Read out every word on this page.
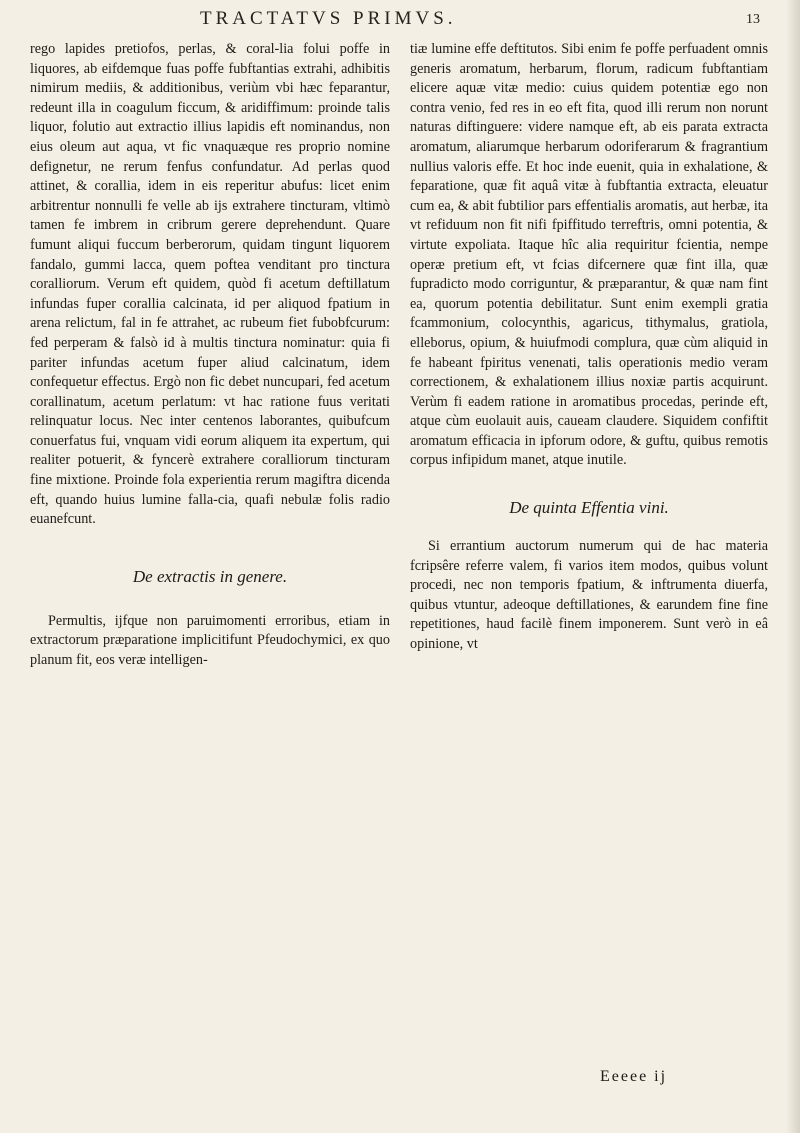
TRACTATVS PRIMVS.	13

rego lapides pretiofos, perlas, & coral-lia folui poffe in liquores, ab eifdemque fuas poffe fubftantias extrahi, adhibitis nimirum mediis, & additionibus, veriùm vbi hæc feparantur, redeunt illa in coagulum ficcum, & aridiffimum: proinde talis liquor, folutio aut extractio illius lapidis eft nominandus, non eius oleum aut aqua, vt fic vnaquæque res proprio nomine defignetur, ne rerum fenfus confundatur. Ad perlas quod attinet, & corallia, idem in eis reperitur abufus: licet enim arbitrentur nonnulli fe velle ab ijs extrahere tincturam, vltimò tamen fe imbrem in cribrum gerere deprehendunt. Quare fumunt aliqui fuccum berberorum, quidam tingunt liquorem fandalo, gummi lacca, quem poftea venditant pro tinctura coralliorum. Verum eft quidem, quòd fi acetum deftillatum infundas fuper corallia calcinata, id per aliquod fpatium in arena relictum, fal in fe attrahet, ac rubeum fiet fubobfcurum: fed perperam & falsò id à multis tinctura nominatur: quia fi pariter infundas acetum fuper aliud calcinatum, idem confequetur effectus. Ergò non fic debet nuncupari, fed acetum corallinatum, acetum perlatum: vt hac ratione fuus veritati relinquatur locus. Nec inter centenos laborantes, quibufcum conuerfatus fui, vnquam vidi eorum aliquem ita expertum, qui realiter potuerit, & fyncerè extrahere coralliorum tincturam fine mixtione. Proinde fola experientia rerum magiftra dicenda eft, quando huius lumine falla-cia, quafi nebulæ folis radio euanefcunt.

De extractis in genere.

Permultis, ijfque non paruimomenti erroribus, etiam in extractorum præparatione implicitifunt Pfeudochymici, ex quo planum fit, eos veræ intelligen-

tiæ lumine effe deftitutos. Sibi enim fe poffe perfuadent omnis generis aromatum, herbarum, florum, radicum fubftantiam elicere aquæ vitæ medio: cuius quidem potentiæ ego non contra venio, fed res in eo eft fita, quod illi rerum non norunt naturas diftinguere: videre namque eft, ab eis parata extracta aromatum, aliarumque herbarum odoriferarum & fragrantium nullius valoris effe. Et hoc inde euenit, quia in exhalatione, & feparatione, quæ fit aquâ vitæ à fubftantia extracta, eleuatur cum ea, & abit fubtilior pars effentialis aromatis, aut herbæ, ita vt refiduum non fit nifi fpiffitudo terreftris, omni potentia, & virtute expoliata. Itaque hîc alia requiritur fcientia, nempe operæ pretium eft, vt fcias difcernere quæ fint illa, quæ fupradicto modo corriguntur, & præparantur, & quæ nam fint ea, quorum potentia debilitatur. Sunt enim exempli gratia fcammonium, colocynthis, agaricus, tithymalus, gratiola, elleborus, opium, & huiufmodi complura, quæ cùm aliquid in fe habeant fpiritus venenati, talis operationis medio veram correctionem, & exhalationem illius noxiæ partis acquirunt. Verùm fi eadem ratione in aromatibus procedas, perinde eft, atque cùm euolauit auis, caueam claudere. Siquidem confiftit aromatum efficacia in ipforum odore, & guftu, quibus remotis corpus infipidum manet, atque inutile.

De quinta Effentia vini.

Si errantium auctorum numerum qui de hac materia fcripsêre referre valem, fi varios item modos, quibus volunt procedi, nec non temporis fpatium, & inftrumenta diuerfa, quibus vtuntur, adeoque deftillationes, & earundem fine fine repetitiones, haud facilè finem imponerem. Sunt verò in eâ opinione, vt

Eeeee ij
